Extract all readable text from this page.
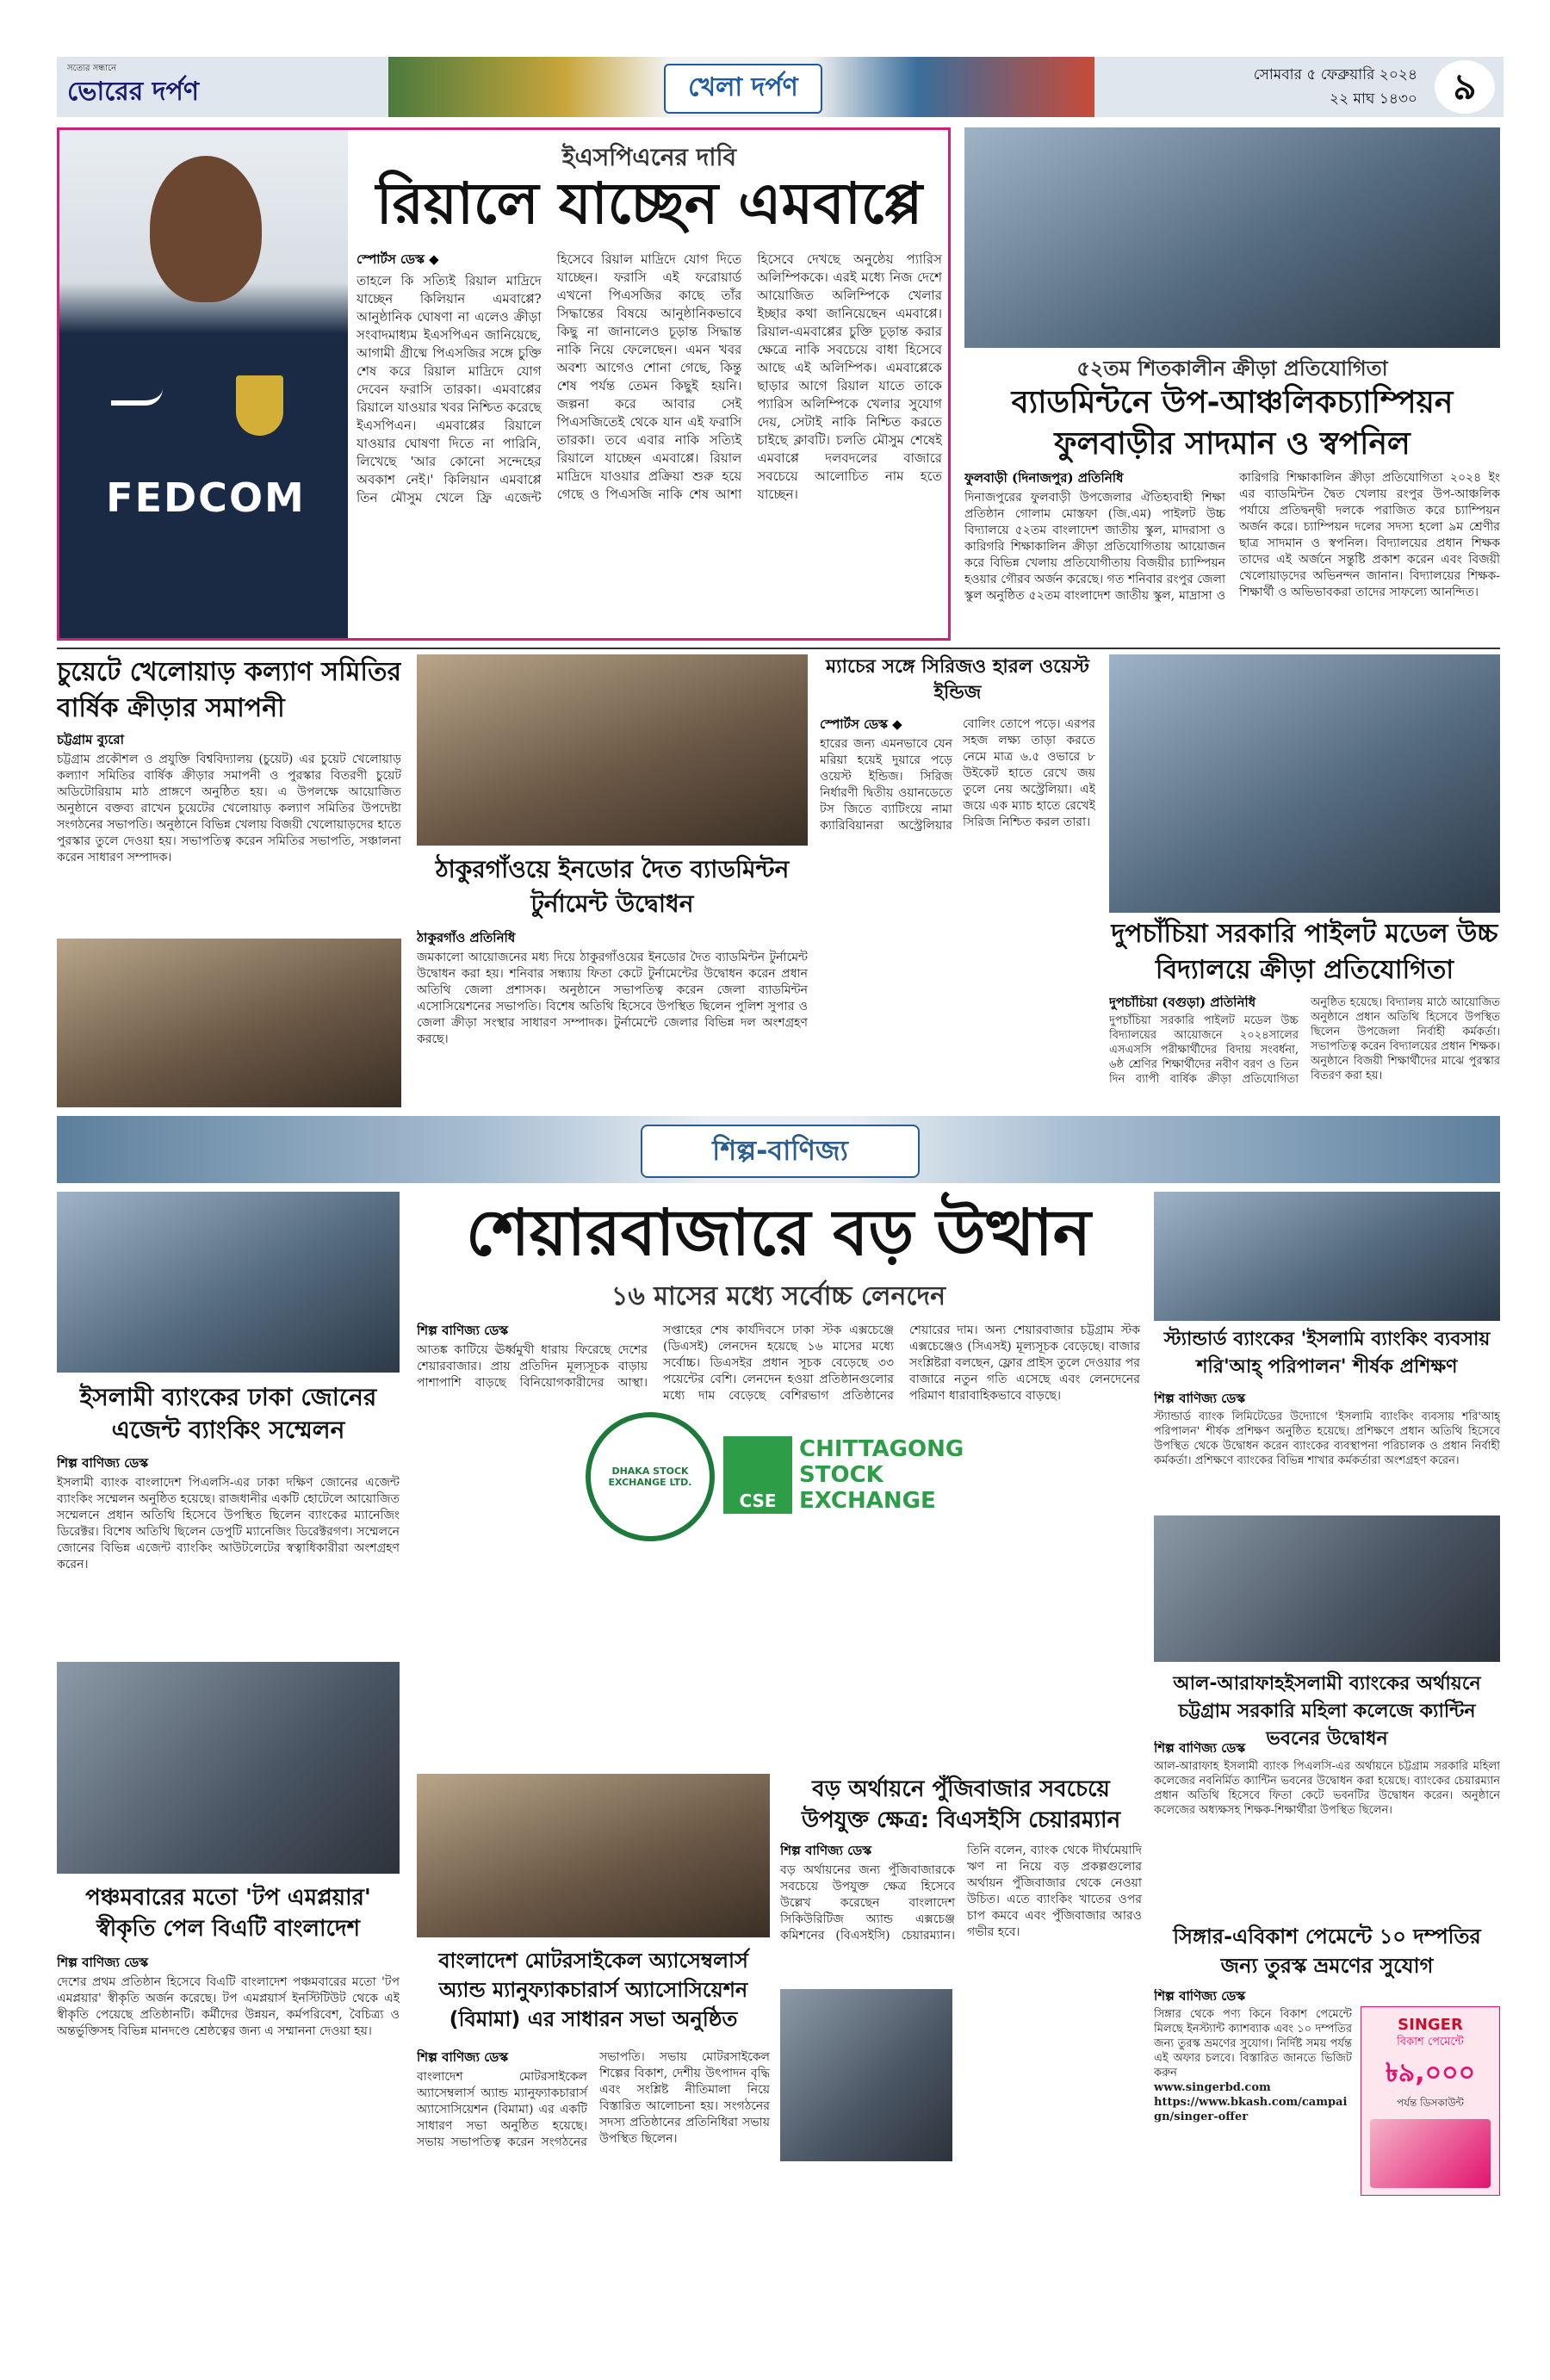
সত্যের সন্ধানে
ভোরের দর্পণ	খেলা দর্পণ	সোমবার ৫ ফেব্রুয়ারি ২০২৪
২২ মাঘ ১৪৩০ ৯
FEDCOM
ইএসপিএনের দাবি
রিয়ালে যাচ্ছেন এমবাপ্পে
স্পোর্টস ডেস্ক ◆
তাহলে কি সত্যিই রিয়াল মাদ্রিদে যাচ্ছেন কিলিয়ান এমবাপ্পে? আনুষ্ঠানিক ঘোষণা না এলেও ক্রীড়া সংবাদমাধ্যম ইএসপিএন জানিয়েছে, আগামী গ্রীষ্মে পিএসজির সঙ্গে চুক্তি শেষ করে রিয়াল মাদ্রিদে যোগ দেবেন ফরাসি তারকা। এমবাপ্পের রিয়ালে যাওয়ার খবর নিশ্চিত করেছে ইএসপিএন। এমবাপ্পের রিয়ালে যাওয়ার ঘোষণা দিতে না পারিনি, লিখেছে 'আর কোনো সন্দেহের অবকাশ নেই।' কিলিয়ান এমবাপ্পে তিন মৌসুম খেলে ফ্রি এজেন্ট হিসেবে রিয়াল মাদ্রিদে যোগ দিতে যাচ্ছেন। ফরাসি এই ফরোয়ার্ড এখনো পিএসজির কাছে তাঁর সিদ্ধান্তের বিষয়ে আনুষ্ঠানিকভাবে কিছু না জানালেও চূড়ান্ত সিদ্ধান্ত নাকি নিয়ে ফেলেছেন। এমন খবর অবশ্য আগেও শোনা গেছে, কিন্তু শেষ পর্যন্ত তেমন কিছুই হয়নি। জল্পনা করে আবার সেই পিএসজিতেই থেকে যান এই ফরাসি তারকা। তবে এবার নাকি সত্যিই রিয়ালে যাচ্ছেন এমবাপ্পে। রিয়াল মাদ্রিদে যাওয়ার প্রক্রিয়া শুরু হয়ে গেছে ও পিএসজি নাকি শেষ আশা হিসেবে দেখছে অনুষ্ঠেয় প্যারিস অলিম্পিককে। এরই মধ্যে নিজ দেশে আয়োজিত অলিম্পিকে খেলার ইচ্ছার কথা জানিয়েছেন এমবাপ্পে। রিয়াল-এমবাপ্পের চুক্তি চূড়ান্ত করার ক্ষেত্রে নাকি সবচেয়ে বাধা হিসেবে আছে এই অলিম্পিক। এমবাপ্পেকে ছাড়ার আগে রিয়াল যাতে তাকে প্যারিস অলিম্পিকে খেলার সুযোগ দেয়, সেটাই নাকি নিশ্চিত করতে চাইছে ক্লাবটি। চলতি মৌসুম শেষেই এমবাপ্পে দলবদলের বাজারে সবচেয়ে আলোচিত নাম হতে যাচ্ছেন।
৫২তম শিতকালীন ক্রীড়া প্রতিযোগিতা
ব্যাডমিন্টনে উপ-আঞ্চলিকচ্যাম্পিয়ন ফুলবাড়ীর সাদমান ও স্বপনিল
ফুলবাড়ী (দিনাজপুর) প্রতিনিধি
দিনাজপুরের ফুলবাড়ী উপজেলার ঐতিহ্যবাহী শিক্ষা প্রতিষ্ঠান গোলাম মোস্তফা (জি.এম) পাইলট উচ্চ বিদ্যালয়ে ৫২তম বাংলাদেশ জাতীয় স্কুল, মাদরাসা ও কারিগরি শিক্ষাকালিন ক্রীড়া প্রতিযোগিতায় আয়োজন করে বিভিন্ন খেলায় প্রতিযোগীতায় বিজয়ীর চ্যাম্পিয়ন হওয়ার গৌরব অর্জন করেছে। গত শনিবার রংপুর জেলা স্কুল অনুষ্ঠিত ৫২তম বাংলাদেশ জাতীয় স্কুল, মাদ্রাসা ও কারিগরি শিক্ষাকালিন ক্রীড়া প্রতিযোগিতা ২০২৪ ইং এর ব্যাডমিন্টন দ্বৈত খেলায় রংপুর উপ-আঞ্চলিক পর্যায়ে প্রতিদ্বন্দ্বী দলকে পরাজিত করে চ্যাম্পিয়ন অর্জন করে। চ্যাম্পিয়ন দলের সদস্য হলো ৯ম শ্রেণীর ছাত্র সাদমান ও স্বপনিল। বিদ্যালয়ের প্রধান শিক্ষক তাদের এই অর্জনে সন্তুষ্টি প্রকাশ করেন এবং বিজয়ী খেলোয়াড়দের অভিনন্দন জানান। বিদ্যালয়ের শিক্ষক-শিক্ষার্থী ও অভিভাবকরা তাদের সাফল্যে আনন্দিত।
চুয়েটে খেলোয়াড় কল্যাণ সমিতির বার্ষিক ক্রীড়ার সমাপনী
চট্টগ্রাম ব্যুরো
চট্টগ্রাম প্রকৌশল ও প্রযুক্তি বিশ্ববিদ্যালয় (চুয়েট) এর চুয়েট খেলোয়াড় কল্যাণ সমিতির বার্ষিক ক্রীড়ার সমাপনী ও পুরস্কার বিতরণী চুয়েট অডিটোরিয়াম মাঠ প্রাঙ্গণে অনুষ্ঠিত হয়। এ উপলক্ষে আয়োজিত অনুষ্ঠানে বক্তব্য রাখেন চুয়েটের খেলোয়াড় কল্যাণ সমিতির উপদেষ্টা সংগঠনের সভাপতি। অনুষ্ঠানে বিভিন্ন খেলায় বিজয়ী খেলোয়াড়দের হাতে পুরস্কার তুলে দেওয়া হয়। সভাপতিত্ব করেন সমিতির সভাপতি, সঞ্চালনা করেন সাধারণ সম্পাদক।	ঠাকুরগাঁওয়ে ইনডোর দৈত ব্যাডমিন্টন টুর্নামেন্ট উদ্বোধন
ঠাকুরগাঁও প্রতিনিধি
জমকালো আয়োজনের মধ্য দিয়ে ঠাকুরগাঁওয়ের ইনডোর দৈত ব্যাডমিন্টন টুর্নামেন্ট উদ্বোধন করা হয়। শনিবার সন্ধ্যায় ফিতা কেটে টুর্নামেন্টের উদ্বোধন করেন প্রধান অতিথি জেলা প্রশাসক। অনুষ্ঠানে সভাপতিত্ব করেন জেলা ব্যাডমিন্টন এসোসিয়েশনের সভাপতি। বিশেষ অতিথি হিসেবে উপস্থিত ছিলেন পুলিশ সুপার ও জেলা ক্রীড়া সংস্থার সাধারণ সম্পাদক। টুর্নামেন্টে জেলার বিভিন্ন দল অংশগ্রহণ করছে।
ম্যাচের সঙ্গে সিরিজও হারল ওয়েস্ট ইন্ডিজ
স্পোর্টস ডেস্ক ◆
হারের জন্য এমনভাবে যেন মরিয়া হয়েই দুয়ারে পড়ে ওয়েস্ট ইন্ডিজ। সিরিজ নির্ধারণী দ্বিতীয় ওয়ানডেতে টস জিতে ব্যাটিংয়ে নামা ক্যারিবিয়ানরা অস্ট্রেলিয়ার বোলিং তোপে পড়ে। এরপর সহজ লক্ষ্য তাড়া করতে নেমে মাত্র ৬.৫ ওভারে ৮ উইকেট হাতে রেখে জয় তুলে নেয় অস্ট্রেলিয়া। এই জয়ে এক ম্যাচ হাতে রেখেই সিরিজ নিশ্চিত করল তারা।
দুপচাঁচিয়া সরকারি পাইলট মডেল উচ্চ বিদ্যালয়ে ক্রীড়া প্রতিযোগিতা
দুপচাঁচিয়া (বগুড়া) প্রতিনিধি
দুপচাঁচিয়া সরকারি পাইলট মডেল উচ্চ বিদ্যালয়ের আয়োজনে ২০২৪সালের এসএসসি পরীক্ষার্থীদের বিদায় সংবর্ধনা, ৬ষ্ঠ শ্রেণির শিক্ষার্থীদের নবীণ বরণ ও তিন দিন ব্যাপী বার্ষিক ক্রীড়া প্রতিযোগিতা অনুষ্ঠিত হয়েছে। বিদ্যালয় মাঠে আয়োজিত অনুষ্ঠানে প্রধান অতিথি হিসেবে উপস্থিত ছিলেন উপজেলা নির্বাহী কর্মকর্তা। সভাপতিত্ব করেন বিদ্যালয়ের প্রধান শিক্ষক। অনুষ্ঠানে বিজয়ী শিক্ষার্থীদের মাঝে পুরস্কার বিতরণ করা হয়।
শিল্প-বাণিজ্য
ইসলামী ব্যাংকের ঢাকা জোনের এজেন্ট ব্যাংকিং সম্মেলন
শিল্প বাণিজ্য ডেস্ক
ইসলামী ব্যাংক বাংলাদেশ পিএলসি-এর ঢাকা দক্ষিণ জোনের এজেন্ট ব্যাংকিং সম্মেলন অনুষ্ঠিত হয়েছে। রাজধানীর একটি হোটেলে আয়োজিত সম্মেলনে প্রধান অতিথি হিসেবে উপস্থিত ছিলেন ব্যাংকের ম্যানেজিং ডিরেক্টর। বিশেষ অতিথি ছিলেন ডেপুটি ম্যানেজিং ডিরেক্টরগণ। সম্মেলনে জোনের বিভিন্ন এজেন্ট ব্যাংকিং আউটলেটের স্বত্বাধিকারীরা অংশগ্রহণ করেন।
পঞ্চমবারের মতো 'টপ এমপ্লয়ার' স্বীকৃতি পেল বিএটি বাংলাদেশ
শিল্প বাণিজ্য ডেস্ক
দেশের প্রথম প্রতিষ্ঠান হিসেবে বিএটি বাংলাদেশ পঞ্চমবারের মতো 'টপ এমপ্লয়ার' স্বীকৃতি অর্জন করেছে। টপ এমপ্লয়ার্স ইনস্টিটিউট থেকে এই স্বীকৃতি পেয়েছে প্রতিষ্ঠানটি। কর্মীদের উন্নয়ন, কর্মপরিবেশ, বৈচিত্র্য ও অন্তর্ভুক্তিসহ বিভিন্ন মানদণ্ডে শ্রেষ্ঠত্বের জন্য এ সম্মাননা দেওয়া হয়।
শেয়ারবাজারে বড় উত্থান
১৬ মাসের মধ্যে সর্বোচ্চ লেনদেন
শিল্প বাণিজ্য ডেস্ক
আতঙ্ক কাটিয়ে ঊর্ধ্বমুখী ধারায় ফিরেছে দেশের শেয়ারবাজার। প্রায় প্রতিদিন মূল্যসূচক বাড়ায় পাশাপাশি বাড়ছে বিনিয়োগকারীদের আস্থা। সপ্তাহের শেষ কার্যদিবসে ঢাকা স্টক এক্সচেঞ্জে (ডিএসই) লেনদেন হয়েছে ১৬ মাসের মধ্যে সর্বোচ্চ। ডিএসইর প্রধান সূচক বেড়েছে ৩৩ পয়েন্টের বেশি। লেনদেন হওয়া প্রতিষ্ঠানগুলোর মধ্যে দাম বেড়েছে বেশিরভাগ প্রতিষ্ঠানের শেয়ারের দাম। অন্য শেয়ারবাজার চট্টগ্রাম স্টক এক্সচেঞ্জেও (সিএসই) মূল্যসূচক বেড়েছে। বাজার সংশ্লিষ্টরা বলছেন, ফ্লোর প্রাইস তুলে দেওয়ার পর বাজারে নতুন গতি এসেছে এবং লেনদেনের পরিমাণ ধারাবাহিকভাবে বাড়ছে।
DHAKA STOCK EXCHANGE LTD.
CSE
CHITTAGONG
STOCK
EXCHANGE
বড় অর্থায়নে পুঁজিবাজার সবচেয়ে উপযুক্ত ক্ষেত্র: বিএসইসি চেয়ারম্যান
শিল্প বাণিজ্য ডেস্ক
বড় অর্থায়নের জন্য পুঁজিবাজারকে সবচেয়ে উপযুক্ত ক্ষেত্র হিসেবে উল্লেখ করেছেন বাংলাদেশ সিকিউরিটিজ অ্যান্ড এক্সচেঞ্জ কমিশনের (বিএসইসি) চেয়ারম্যান। তিনি বলেন, ব্যাংক থেকে দীর্ঘমেয়াদি ঋণ না নিয়ে বড় প্রকল্পগুলোর অর্থায়ন পুঁজিবাজার থেকে নেওয়া উচিত। এতে ব্যাংকিং খাতের ওপর চাপ কমবে এবং পুঁজিবাজার আরও গভীর হবে।
বাংলাদেশ মোটরসাইকেল অ্যাসেম্বলার্স অ্যান্ড ম্যানুফ্যাকচারার্স অ্যাসোসিয়েশন (বিমামা) এর সাধারন সভা অনুষ্ঠিত
শিল্প বাণিজ্য ডেস্ক
বাংলাদেশ মোটরসাইকেল অ্যাসেম্বলার্স অ্যান্ড ম্যানুফ্যাকচারার্স অ্যাসোসিয়েশন (বিমামা) এর একটি সাধারণ সভা অনুষ্ঠিত হয়েছে। সভায় সভাপতিত্ব করেন সংগঠনের সভাপতি। সভায় মোটরসাইকেল শিল্পের বিকাশ, দেশীয় উৎপাদন বৃদ্ধি এবং সংশ্লিষ্ট নীতিমালা নিয়ে বিস্তারিত আলোচনা হয়। সংগঠনের সদস্য প্রতিষ্ঠানের প্রতিনিধিরা সভায় উপস্থিত ছিলেন।
স্ট্যান্ডার্ড ব্যাংকের 'ইসলামি ব্যাংকিং ব্যবসায় শরি'আহ্ পরিপালন' শীর্ষক প্রশিক্ষণ
শিল্প বাণিজ্য ডেস্ক
স্ট্যান্ডার্ড ব্যাংক লিমিটেডের উদ্যোগে 'ইসলামি ব্যাংকিং ব্যবসায় শরি'আহ্ পরিপালন' শীর্ষক প্রশিক্ষণ অনুষ্ঠিত হয়েছে। প্রশিক্ষণে প্রধান অতিথি হিসেবে উপস্থিত থেকে উদ্বোধন করেন ব্যাংকের ব্যবস্থাপনা পরিচালক ও প্রধান নির্বাহী কর্মকর্তা। প্রশিক্ষণে ব্যাংকের বিভিন্ন শাখার কর্মকর্তারা অংশগ্রহণ করেন।
আল-আরাফাহইসলামী ব্যাংকের অর্থায়নে চট্টগ্রাম সরকারি মহিলা কলেজে ক্যান্টিন ভবনের উদ্বোধন
শিল্প বাণিজ্য ডেস্ক
আল-আরাফাহ ইসলামী ব্যাংক পিএলসি-এর অর্থায়নে চট্টগ্রাম সরকারি মহিলা কলেজের নবনির্মিত ক্যান্টিন ভবনের উদ্বোধন করা হয়েছে। ব্যাংকের চেয়ারম্যান প্রধান অতিথি হিসেবে ফিতা কেটে ভবনটির উদ্বোধন করেন। অনুষ্ঠানে কলেজের অধ্যক্ষসহ শিক্ষক-শিক্ষার্থীরা উপস্থিত ছিলেন।
সিঙ্গার-এবিকাশ পেমেন্টে ১০ দম্পতির জন্য তুরস্ক ভ্রমণের সুযোগ
শিল্প বাণিজ্য ডেস্ক
সিঙ্গার থেকে পণ্য কিনে বিকাশ পেমেন্টে মিলছে ইনস্ট্যান্ট ক্যাশব্যাক এবং ১০ দম্পতির জন্য তুরস্ক ভ্রমণের সুযোগ। নির্দিষ্ট সময় পর্যন্ত এই অফার চলবে। বিস্তারিত জানতে ভিজিট করুন
www.singerbd.com
https://www.bkash.com/campaign/singer-offer
SINGER
বিকাশ পেমেন্টে
৳৯,০০০
পর্যন্ত ডিসকাউন্ট
